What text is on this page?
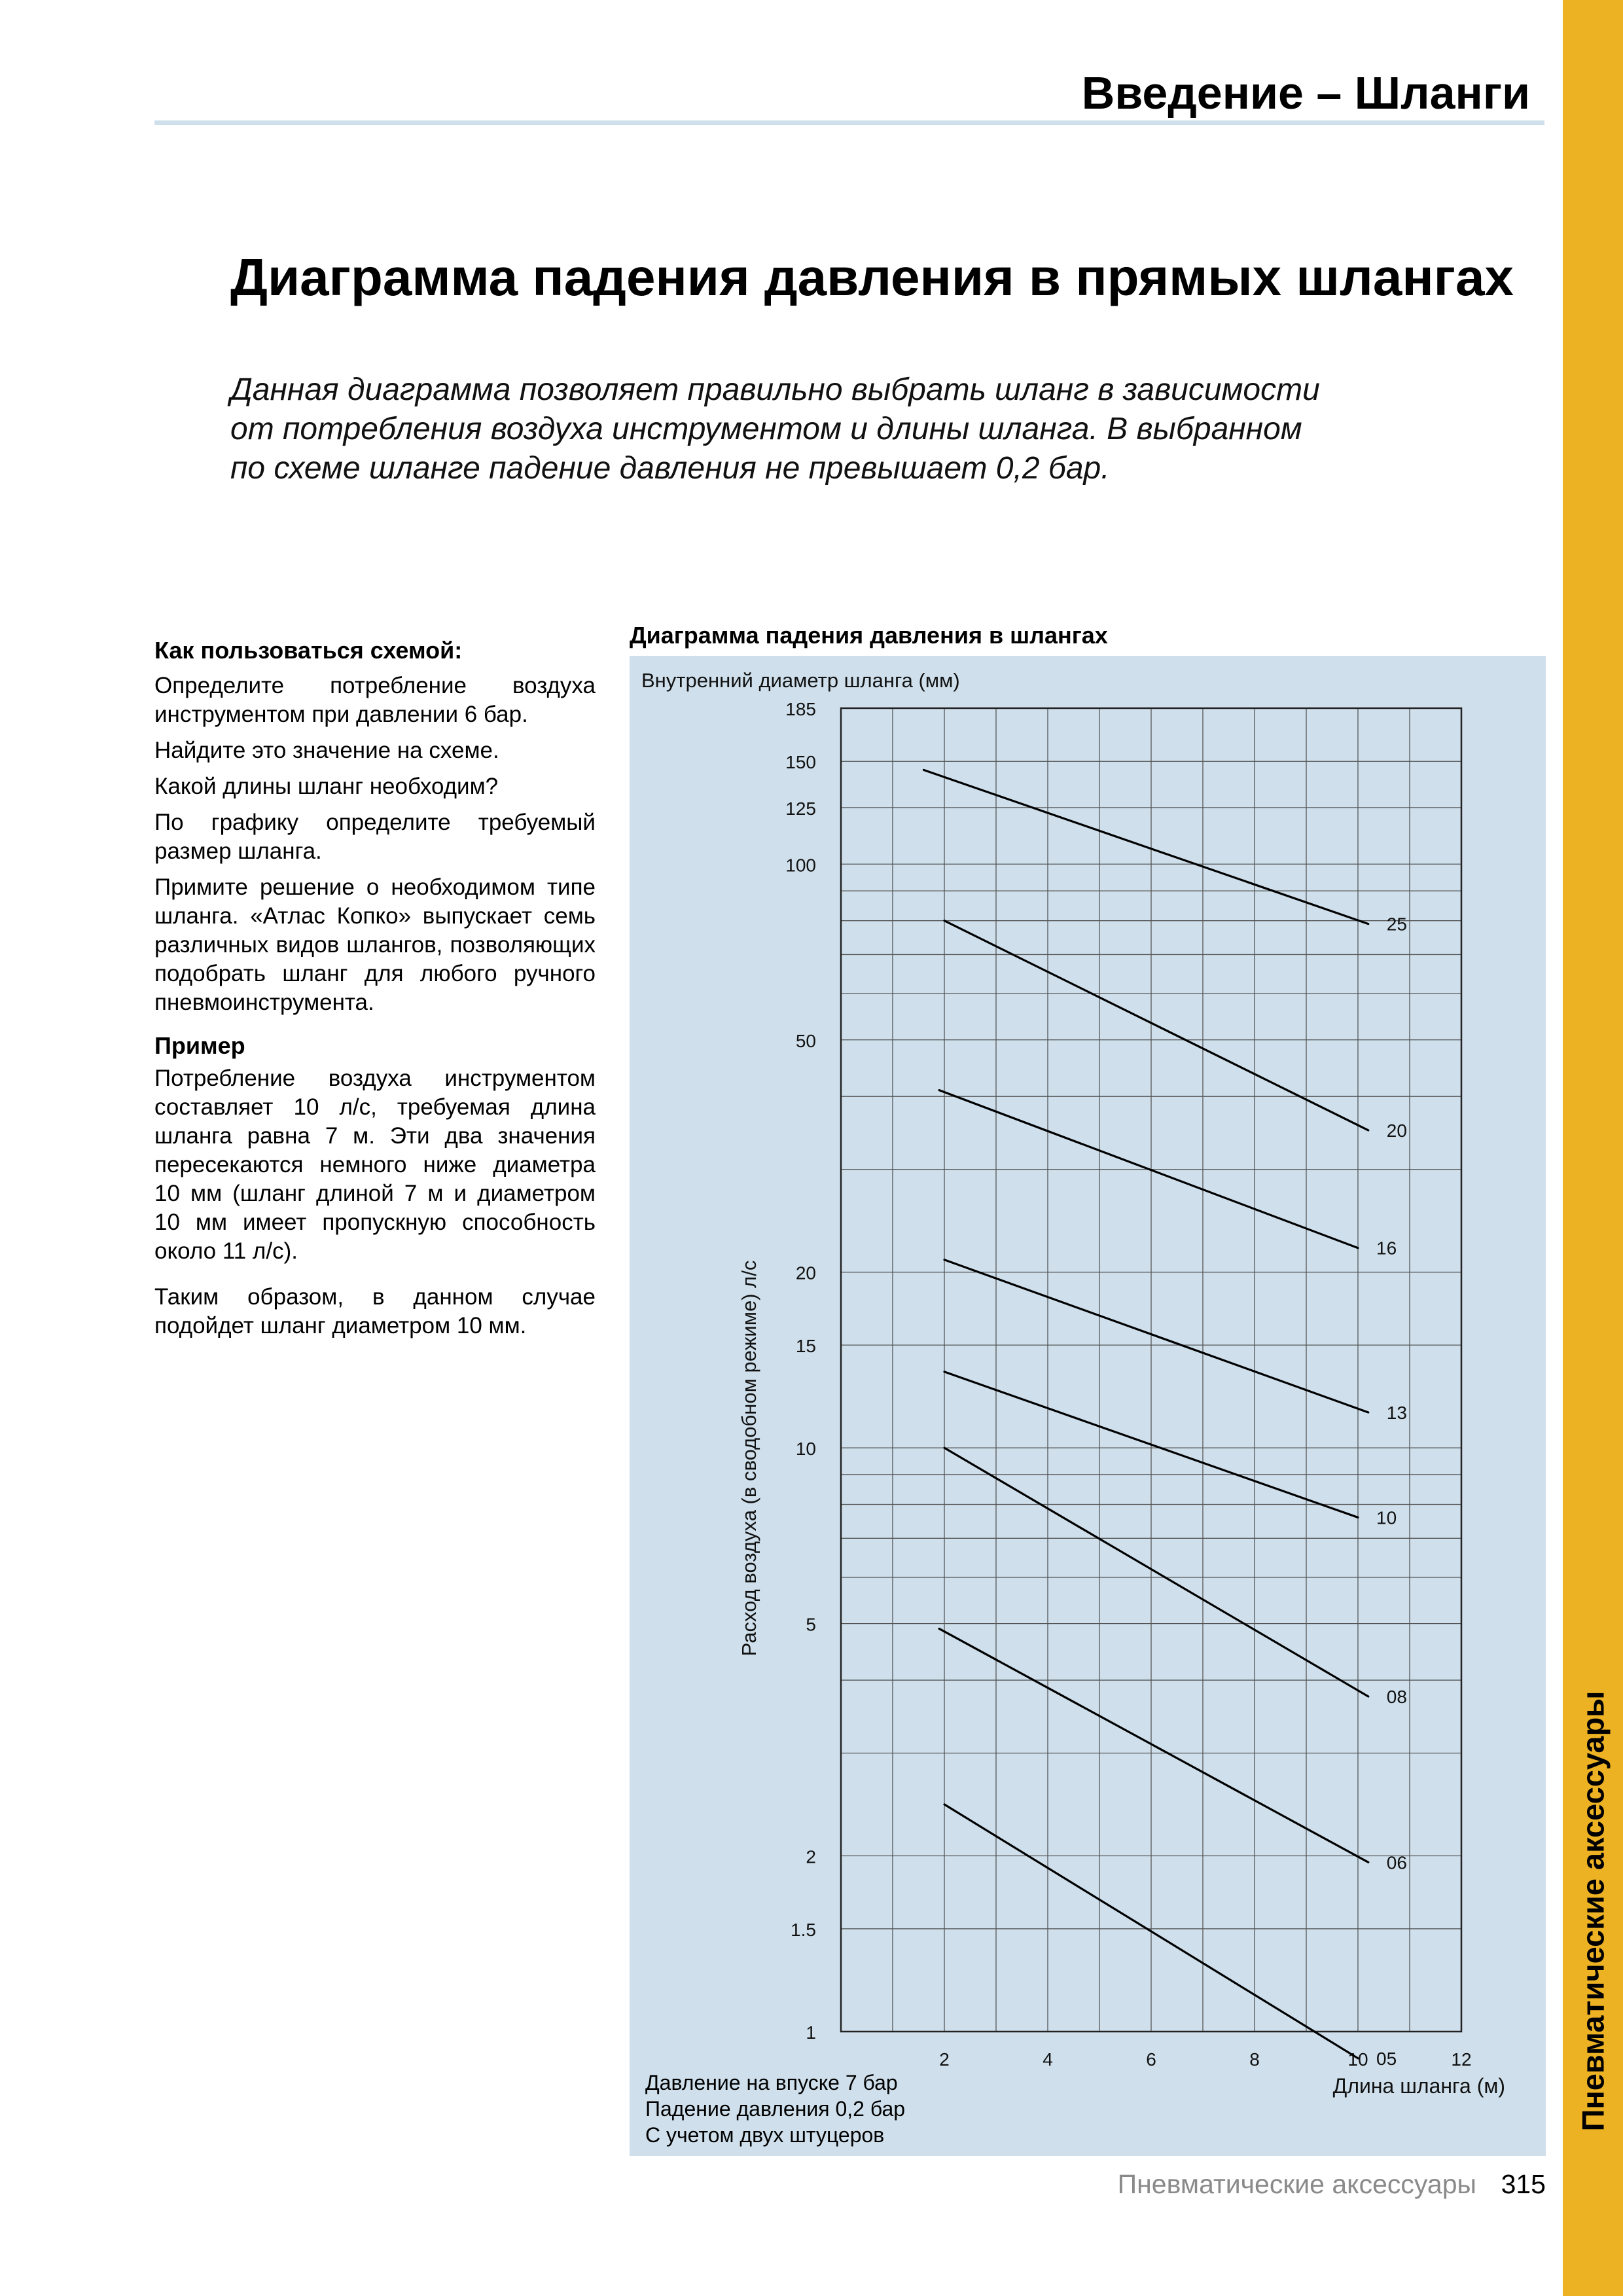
Пневматические аксессуары
Введение – Шланги
Диаграмма падения давления в прямых шлангах
Данная диаграмма позволяет правильно выбрать шланг в зависимости
от потребления воздуха инструментом и длины шланга. В выбранном
по схеме шланге падение давления не превышает 0,2 бар.
Как пользоваться схемой:

Определите потребление воздуха инструментом при давлении 6 бар.

Найдите это значение на схеме.

Какой длины шланг необходим?

По графику определите требуемый размер шланга.

Примите решение о необходимом типе шланга. «Атлас Копко» выпускает семь различных видов шлангов, позволяющих подобрать шланг для любого ручного пневмоинструмента.

Пример

Потребление воздуха инструментом составляет 10 л/с, требуемая длина шланга равна 7 м. Эти два значения пересекаются немного ниже диаметра 10 мм (шланг длиной 7 м и диаметром 10 мм имеет пропускную способность около 11 л/с).

Таким образом, в данном случае подойдет шланг диаметром 10 мм.

Диаграмма падения давления в шлангах
1
1.5
2
5
10
15
20
50
100
125
150
185
2	4	6	8	10	12
Внутренний диаметр шланга (мм)
Длина шланга (м)
Расход воздуха (в сводобном режиме) л/с
25
20
16
13
10
08
06
05
Давление на впуске 7 бар
Падение давления 0,2 бар
С учетом двух штуцеров
Пневматические аксессуары 315
